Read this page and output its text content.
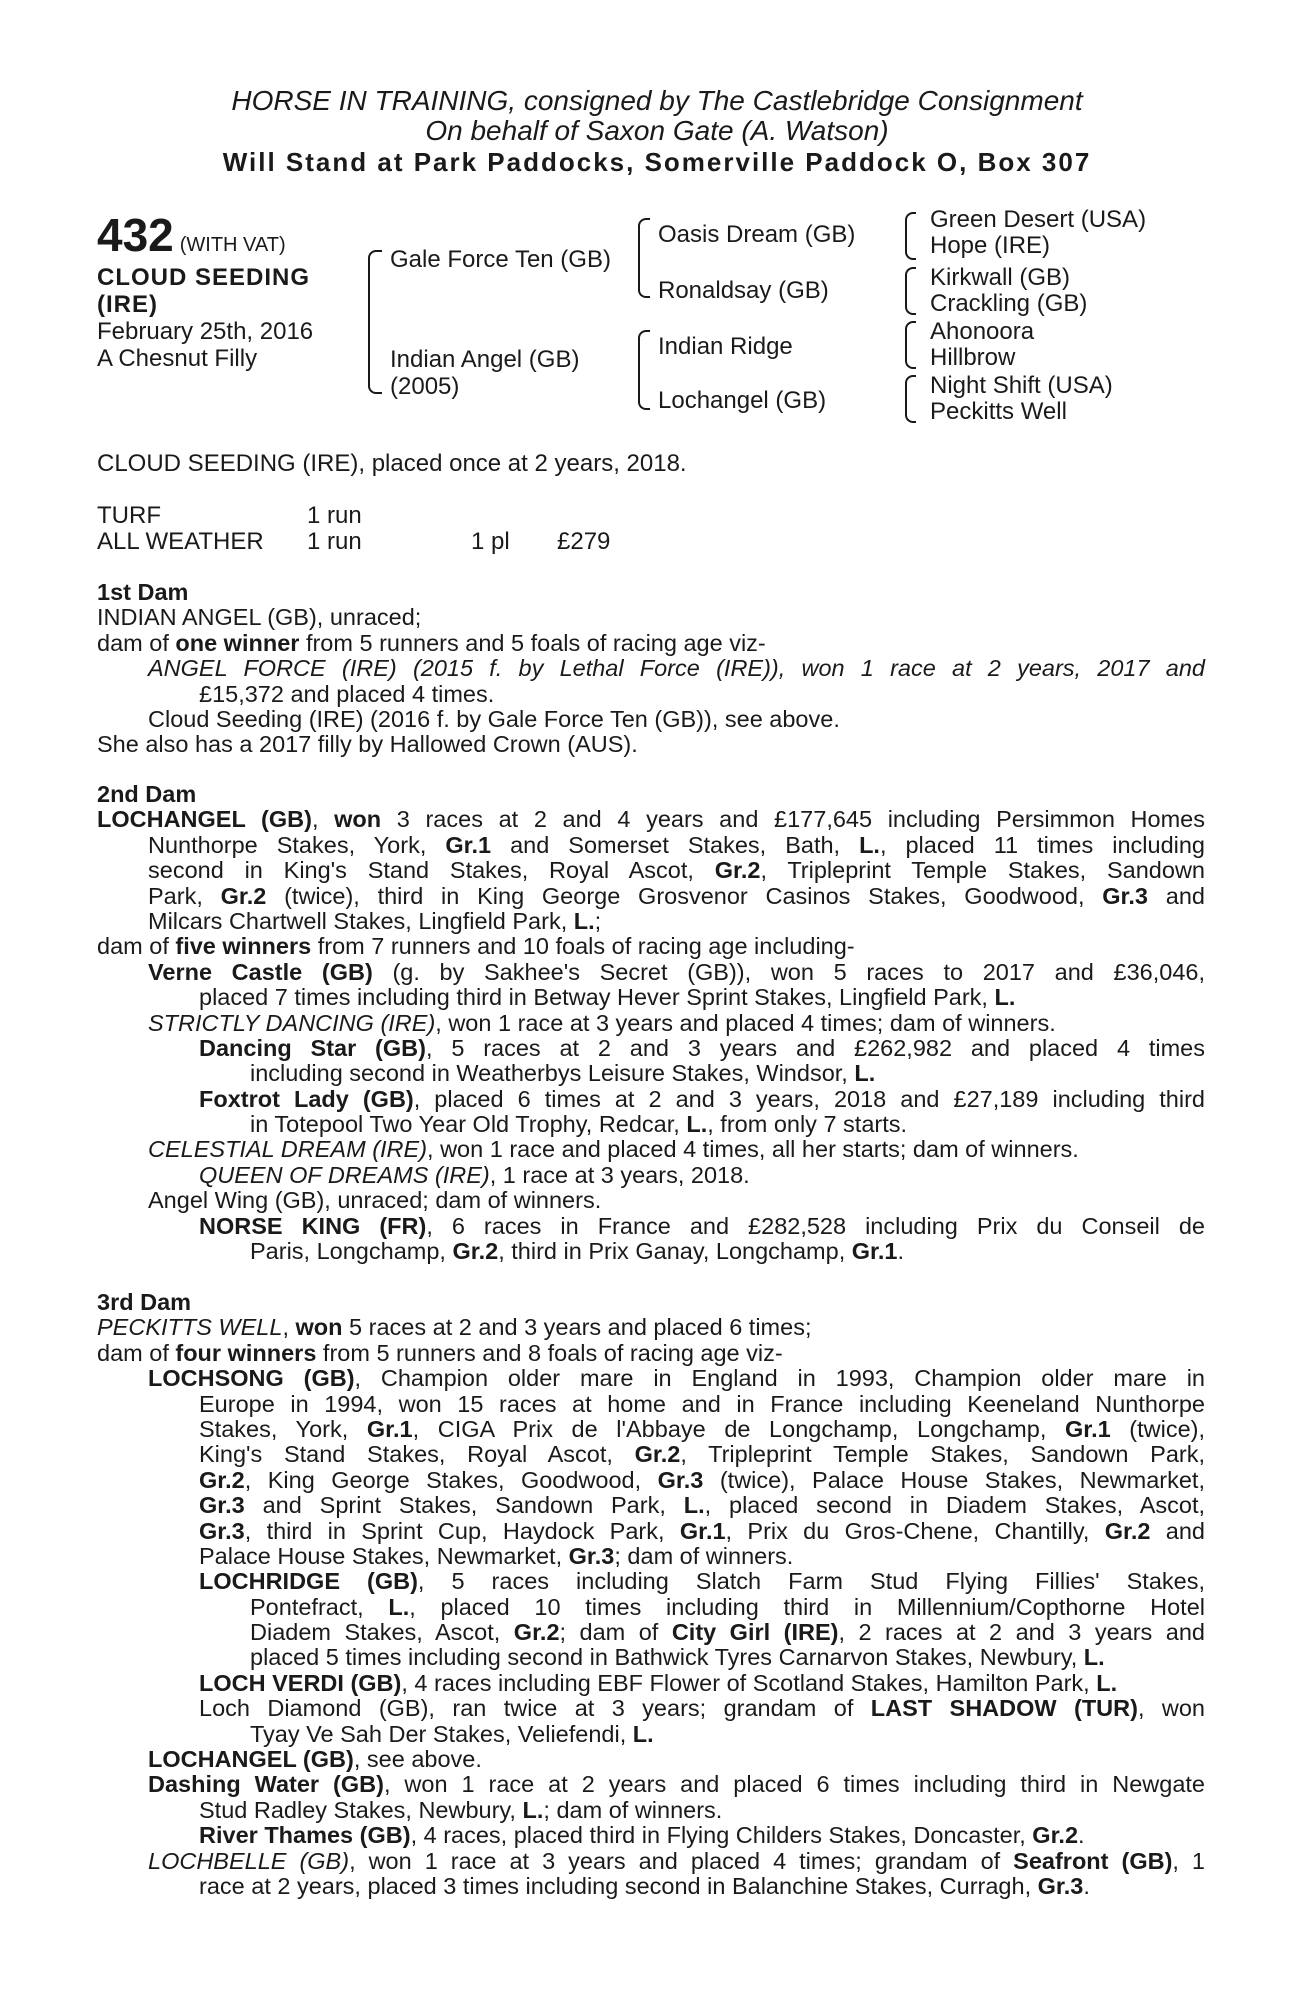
HORSE IN TRAINING, consigned by The Castlebridge Consignment
On behalf of Saxon Gate (A. Watson)
Will Stand at Park Paddocks, Somerville Paddock O, Box 307
432 (WITH VAT)
CLOUD SEEDING
(IRE)
February 25th, 2016
A Chesnut Filly
Gale Force Ten (GB)
Indian Angel (GB)
(2005)
Oasis Dream (GB)
Ronaldsay (GB)
Indian Ridge
Lochangel (GB)
Green Desert (USA)
Hope (IRE)
Kirkwall (GB)
Crackling (GB)
Ahonoora
Hillbrow
Night Shift (USA)
Peckitts Well
CLOUD SEEDING (IRE), placed once at 2 years, 2018.
TURF	1 run
ALL WEATHER 1 run	1 pl £279
1st Dam
INDIAN ANGEL (GB), unraced;
dam of one winner from 5 runners and 5 foals of racing age viz-
ANGEL FORCE (IRE) (2015 f. by Lethal Force (IRE)), won 1 race at 2 years, 2017 and
£15,372 and placed 4 times.
Cloud Seeding (IRE) (2016 f. by Gale Force Ten (GB)), see above.
She also has a 2017 filly by Hallowed Crown (AUS).
2nd Dam
LOCHANGEL (GB), won 3 races at 2 and 4 years and £177,645 including Persimmon Homes
Nunthorpe Stakes, York, Gr.1 and Somerset Stakes, Bath, L., placed 11 times including
second in King's Stand Stakes, Royal Ascot, Gr.2, Tripleprint Temple Stakes, Sandown
Park, Gr.2 (twice), third in King George Grosvenor Casinos Stakes, Goodwood, Gr.3 and
Milcars Chartwell Stakes, Lingfield Park, L.;
dam of five winners from 7 runners and 10 foals of racing age including-
Verne Castle (GB) (g. by Sakhee's Secret (GB)), won 5 races to 2017 and £36,046,
placed 7 times including third in Betway Hever Sprint Stakes, Lingfield Park, L.
STRICTLY DANCING (IRE), won 1 race at 3 years and placed 4 times; dam of winners.
Dancing Star (GB), 5 races at 2 and 3 years and £262,982 and placed 4 times
including second in Weatherbys Leisure Stakes, Windsor, L.
Foxtrot Lady (GB), placed 6 times at 2 and 3 years, 2018 and £27,189 including third
in Totepool Two Year Old Trophy, Redcar, L., from only 7 starts.
CELESTIAL DREAM (IRE), won 1 race and placed 4 times, all her starts; dam of winners.
QUEEN OF DREAMS (IRE), 1 race at 3 years, 2018.
Angel Wing (GB), unraced; dam of winners.
NORSE KING (FR), 6 races in France and £282,528 including Prix du Conseil de
Paris, Longchamp, Gr.2, third in Prix Ganay, Longchamp, Gr.1.
3rd Dam
PECKITTS WELL, won 5 races at 2 and 3 years and placed 6 times;
dam of four winners from 5 runners and 8 foals of racing age viz-
LOCHSONG (GB), Champion older mare in England in 1993, Champion older mare in
Europe in 1994, won 15 races at home and in France including Keeneland Nunthorpe
Stakes, York, Gr.1, CIGA Prix de l'Abbaye de Longchamp, Longchamp, Gr.1 (twice),
King's Stand Stakes, Royal Ascot, Gr.2, Tripleprint Temple Stakes, Sandown Park,
Gr.2, King George Stakes, Goodwood, Gr.3 (twice), Palace House Stakes, Newmarket,
Gr.3 and Sprint Stakes, Sandown Park, L., placed second in Diadem Stakes, Ascot,
Gr.3, third in Sprint Cup, Haydock Park, Gr.1, Prix du Gros-Chene, Chantilly, Gr.2 and
Palace House Stakes, Newmarket, Gr.3; dam of winners.
LOCHRIDGE (GB), 5 races including Slatch Farm Stud Flying Fillies' Stakes,
Pontefract, L., placed 10 times including third in Millennium/Copthorne Hotel
Diadem Stakes, Ascot, Gr.2; dam of City Girl (IRE), 2 races at 2 and 3 years and
placed 5 times including second in Bathwick Tyres Carnarvon Stakes, Newbury, L.
LOCH VERDI (GB), 4 races including EBF Flower of Scotland Stakes, Hamilton Park, L.
Loch Diamond (GB), ran twice at 3 years; grandam of LAST SHADOW (TUR), won
Tyay Ve Sah Der Stakes, Veliefendi, L.
LOCHANGEL (GB), see above.
Dashing Water (GB), won 1 race at 2 years and placed 6 times including third in Newgate
Stud Radley Stakes, Newbury, L.; dam of winners.
River Thames (GB), 4 races, placed third in Flying Childers Stakes, Doncaster, Gr.2.
LOCHBELLE (GB), won 1 race at 3 years and placed 4 times; grandam of Seafront (GB), 1
race at 2 years, placed 3 times including second in Balanchine Stakes, Curragh, Gr.3.
